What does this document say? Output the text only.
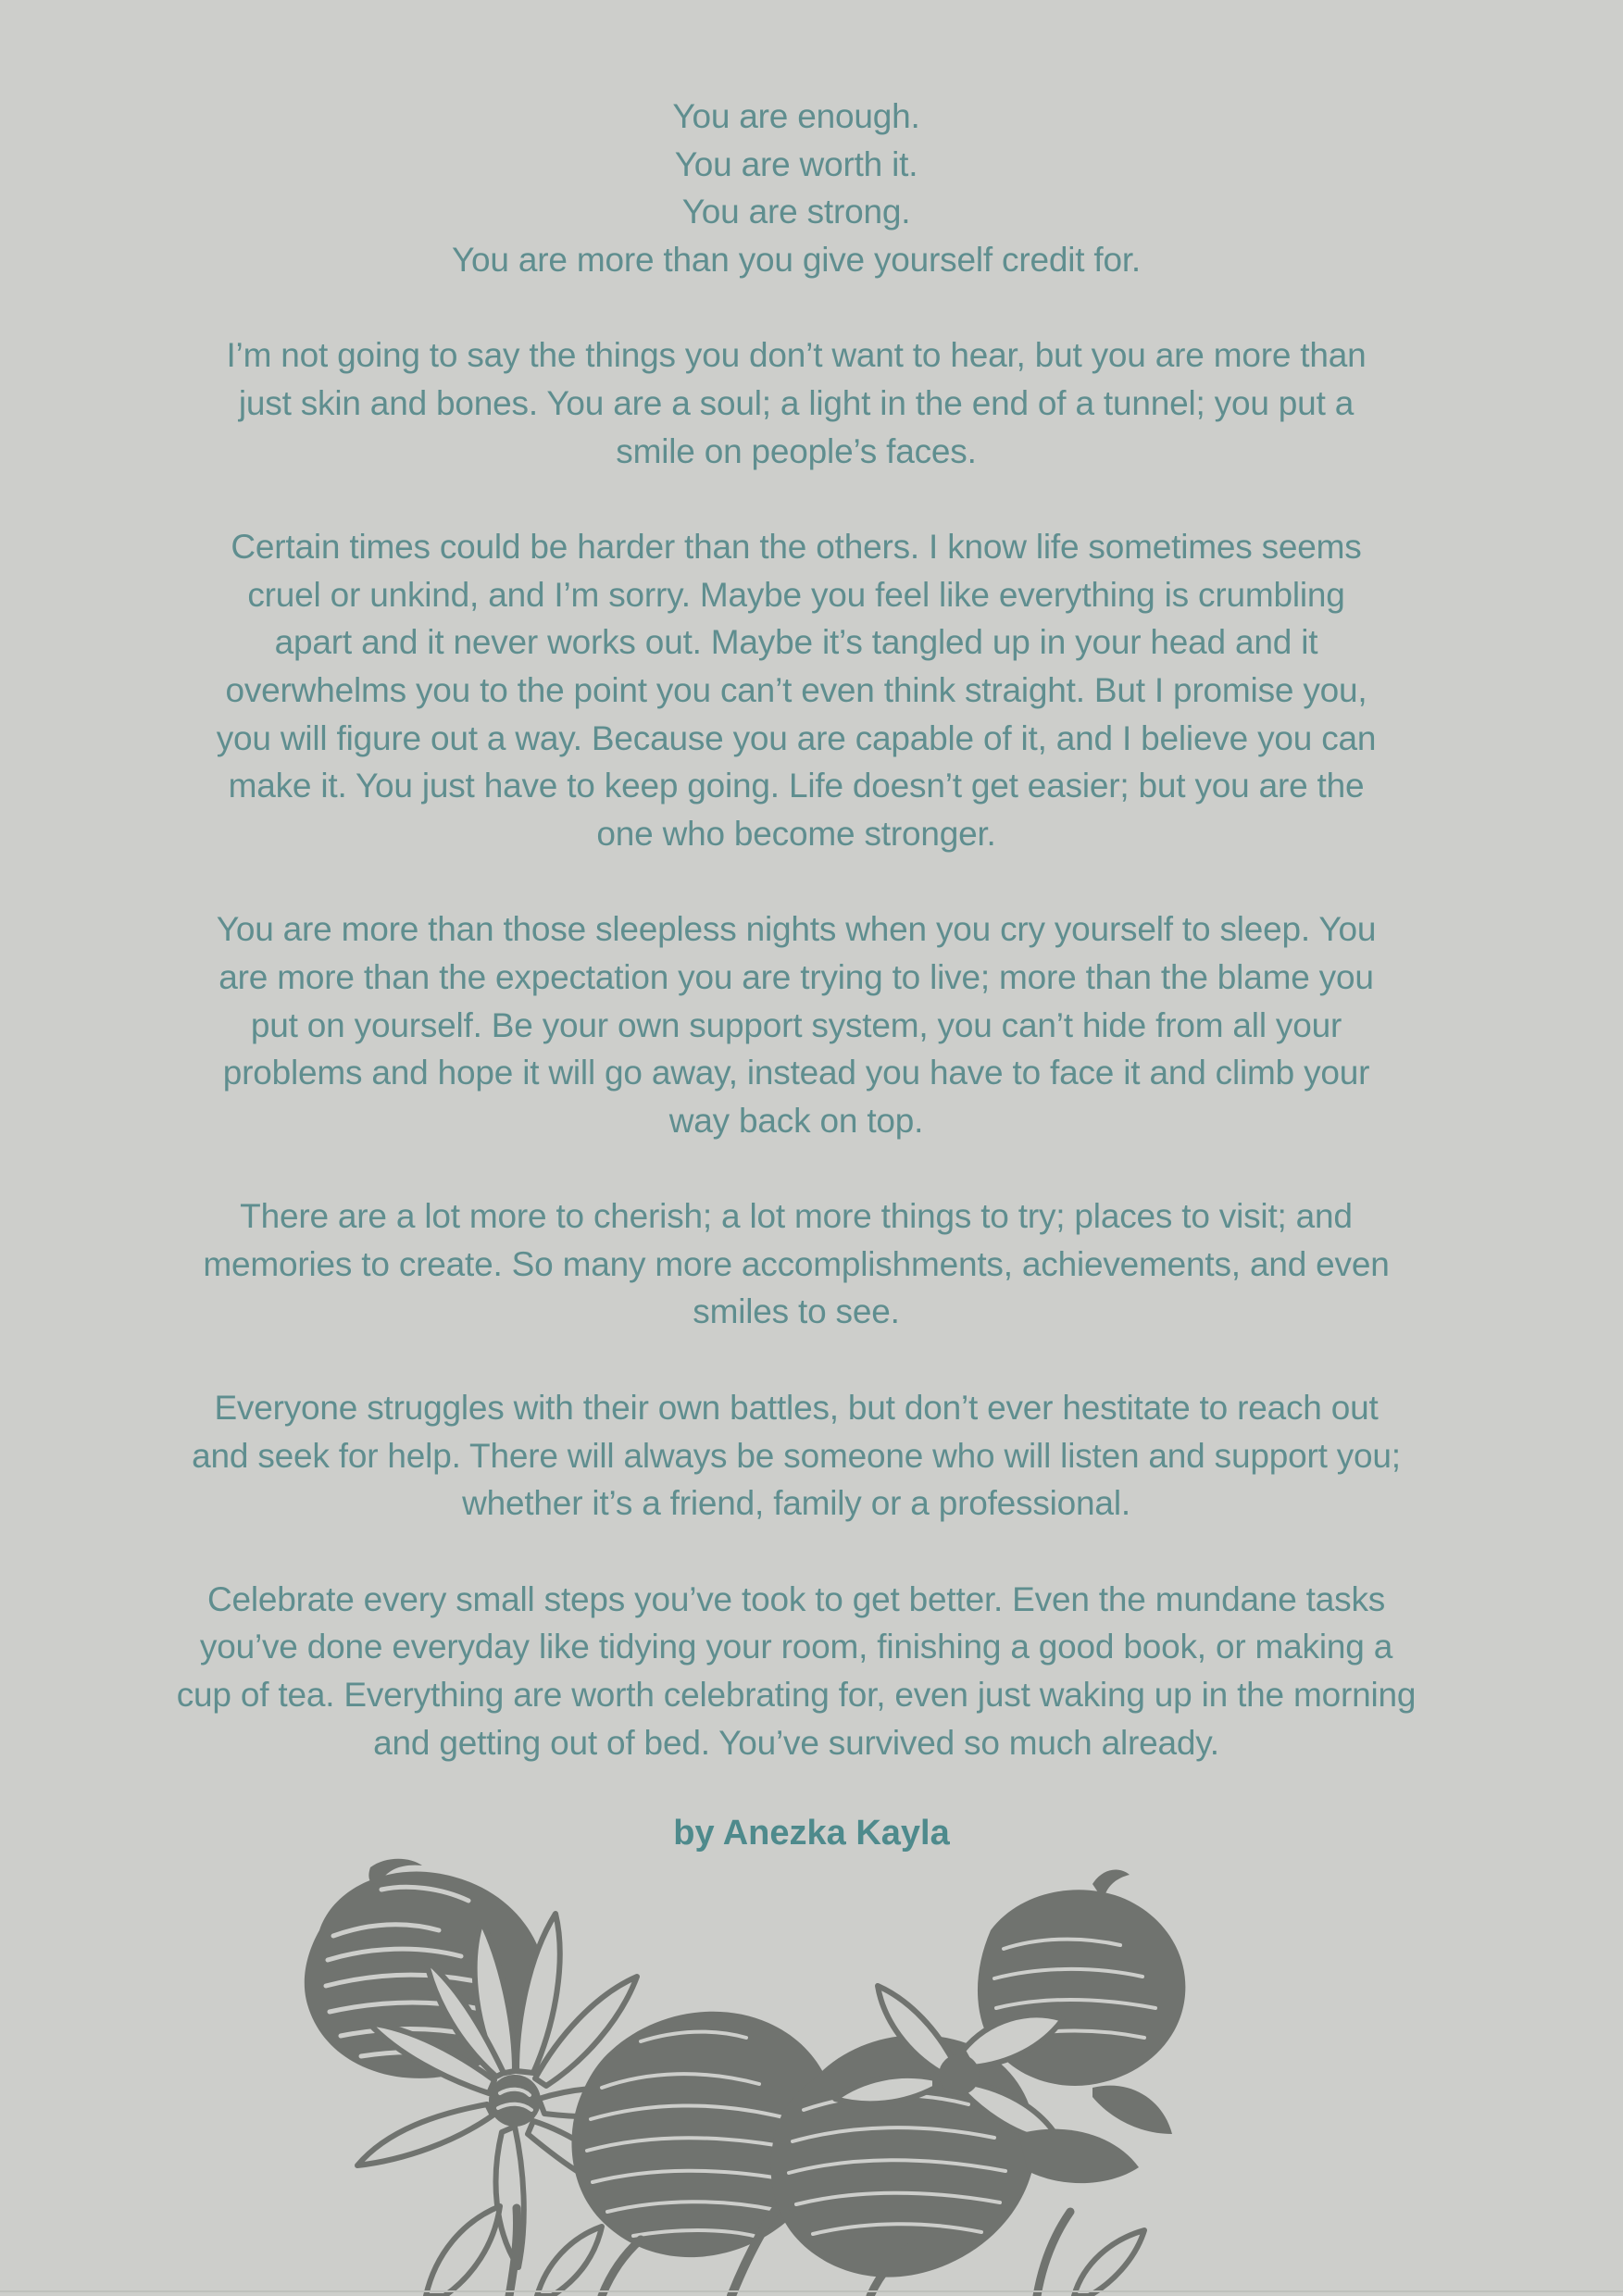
You are enough.
You are worth it.
You are strong.
You are more than you give yourself credit for.

I’m not going to say the things you don’t want to hear, but you are more than
just skin and bones. You are a soul; a light in the end of a tunnel; you put a
smile on people’s faces.

Certain times could be harder than the others. I know life sometimes seems
cruel or unkind, and I’m sorry. Maybe you feel like everything is crumbling
apart and it never works out. Maybe it’s tangled up in your head and it
overwhelms you to the point you can’t even think straight. But I promise you,
you will figure out a way. Because you are capable of it, and I believe you can
make it. You just have to keep going. Life doesn’t get easier; but you are the
one who become stronger.

You are more than those sleepless nights when you cry yourself to sleep. You
are more than the expectation you are trying to live; more than the blame you
put on yourself. Be your own support system, you can’t hide from all your
problems and hope it will go away, instead you have to face it and climb your
way back on top.

There are a lot more to cherish; a lot more things to try; places to visit; and
memories to create. So many more accomplishments, achievements, and even
smiles to see.

Everyone struggles with their own battles, but don’t ever hestitate to reach out
and seek for help. There will always be someone who will listen and support you;
whether it’s a friend, family or a professional.

Celebrate every small steps you’ve took to get better. Even the mundane tasks
you’ve done everyday like tidying your room, finishing a good book, or making a
cup of tea. Everything are worth celebrating for, even just waking up in the morning
and getting out of bed. You’ve survived so much already.

by Anezka Kayla
